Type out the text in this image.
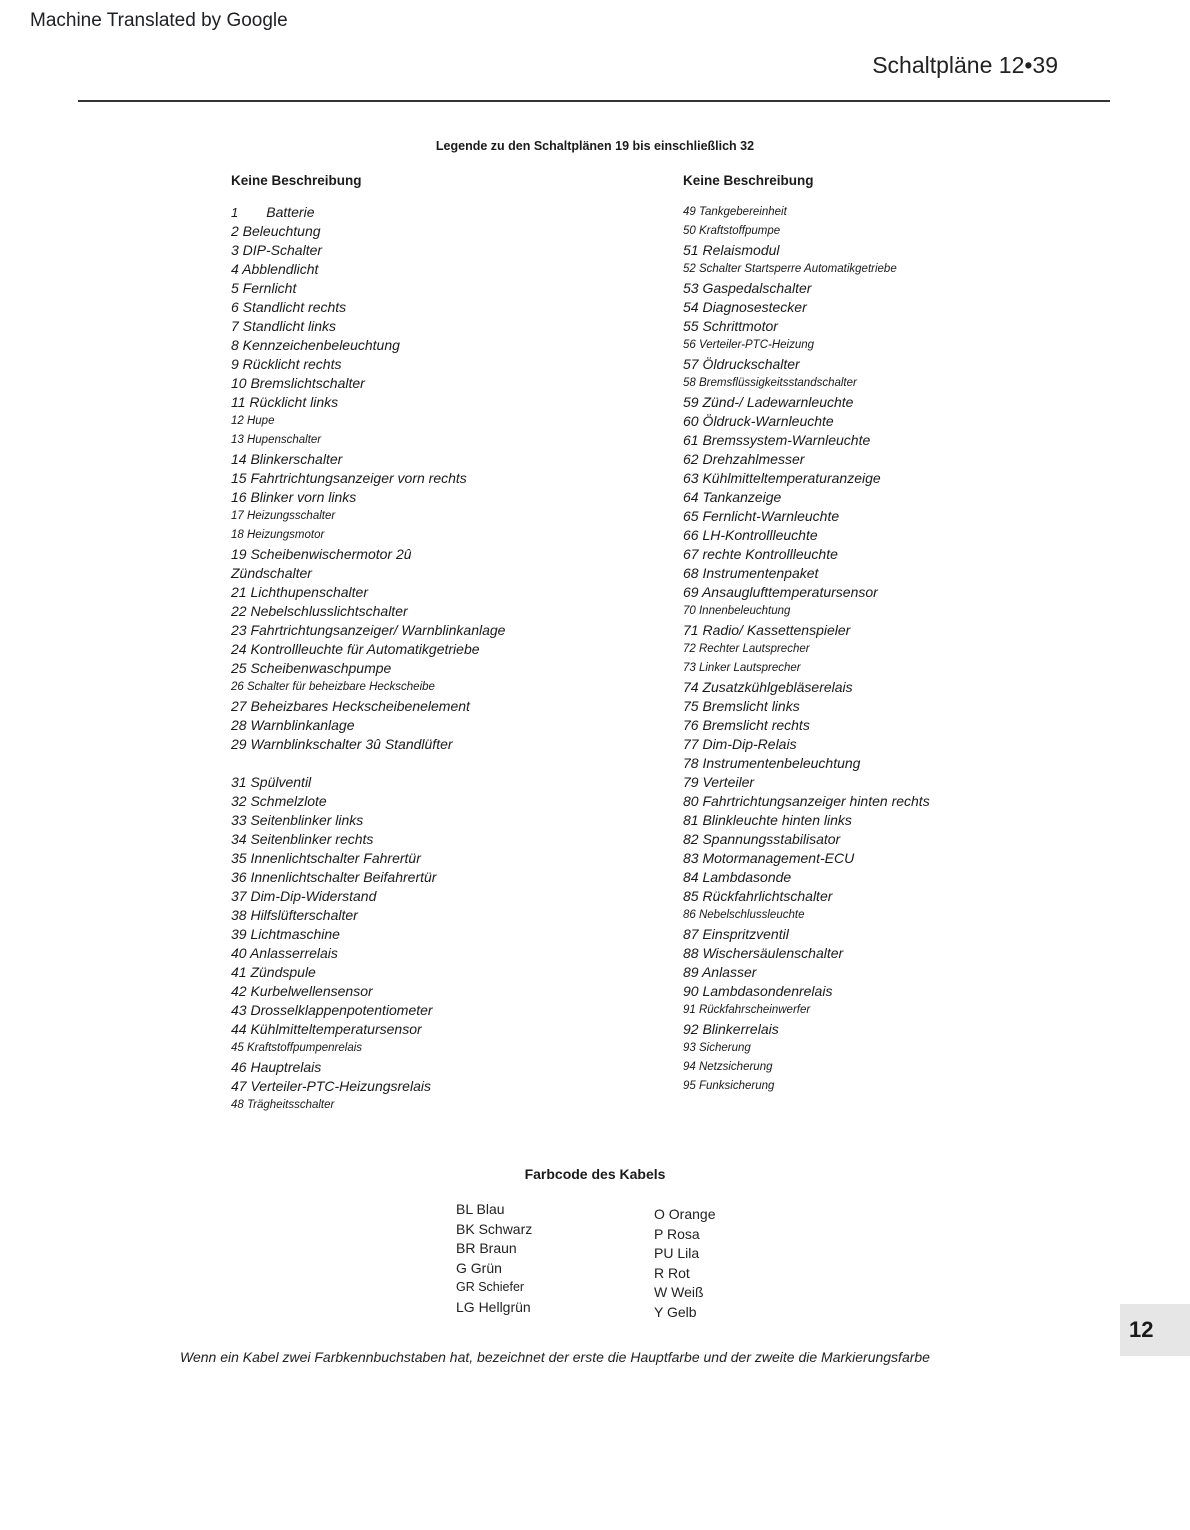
Machine Translated by Google
Schaltpläne 12•39
Legende zu den Schaltplänen 19 bis einschließlich 32
Keine Beschreibung	Keine Beschreibung
1 Batterie
2 Beleuchtung
3 DIP-Schalter
4 Abblendlicht
5 Fernlicht
6 Standlicht rechts
7 Standlicht links
8 Kennzeichenbeleuchtung
9 Rücklicht rechts
10 Bremslichtschalter
11 Rücklicht links
12 Hupe
13 Hupenschalter
14 Blinkerschalter
15 Fahrtrichtungsanzeiger vorn rechts
16 Blinker vorn links
17 Heizungsschalter
18 Heizungsmotor
19 Scheibenwischermotor 2û
Zündschalter
21 Lichthupenschalter
22 Nebelschlusslichtschalter
23 Fahrtrichtungsanzeiger/ Warnblinkanlage
24 Kontrollleuchte für Automatikgetriebe
25 Scheibenwaschpumpe
26 Schalter für beheizbare Heckscheibe
27 Beheizbares Heckscheibenelement
28 Warnblinkanlage
29 Warnblinkschalter 3û Standlüfter
31 Spülventil
32 Schmelzlote
33 Seitenblinker links
34 Seitenblinker rechts
35 Innenlichtschalter Fahrertür
36 Innenlichtschalter Beifahrertür
37 Dim-Dip-Widerstand
38 Hilfslüfterschalter
39 Lichtmaschine
40 Anlasserrelais
41 Zündspule
42 Kurbelwellensensor
43 Drosselklappenpotentiometer
44 Kühlmitteltemperatursensor
45 Kraftstoffpumpenrelais
46 Hauptrelais
47 Verteiler-PTC-Heizungsrelais
48 Trägheitsschalter
49 Tankgebereinheit
50 Kraftstoffpumpe
51 Relaismodul
52 Schalter Startsperre Automatikgetriebe
53 Gaspedalschalter
54 Diagnosestecker
55 Schrittmotor
56 Verteiler-PTC-Heizung
57 Öldruckschalter
58 Bremsflüssigkeitsstandschalter
59 Zünd-/ Ladewarnleuchte
60 Öldruck-Warnleuchte
61 Bremssystem-Warnleuchte
62 Drehzahlmesser
63 Kühlmitteltemperaturanzeige
64 Tankanzeige
65 Fernlicht-Warnleuchte
66 LH-Kontrollleuchte
67 rechte Kontrollleuchte
68 Instrumentenpaket
69 Ansauglufttemperatursensor
70 Innenbeleuchtung
71 Radio/ Kassettenspieler
72 Rechter Lautsprecher
73 Linker Lautsprecher
74 Zusatzkühlgebläserelais
75 Bremslicht links
76 Bremslicht rechts
77 Dim-Dip-Relais
78 Instrumentenbeleuchtung
79 Verteiler
80 Fahrtrichtungsanzeiger hinten rechts
81 Blinkleuchte hinten links
82 Spannungsstabilisator
83 Motormanagement-ECU
84 Lambdasonde
85 Rückfahrlichtschalter
86 Nebelschlussleuchte
87 Einspritzventil
88 Wischersäulenschalter
89 Anlasser
90 Lambdasondenrelais
91 Rückfahrscheinwerfer
92 Blinkerrelais
93 Sicherung
94 Netzsicherung
95 Funksicherung
Farbcode des Kabels
BL Blau
BK Schwarz
BR Braun
G Grün
GR Schiefer
LG Hellgrün
O Orange
P Rosa
PU Lila
R Rot
W Weiß
Y Gelb
12
Wenn ein Kabel zwei Farbkennbuchstaben hat, bezeichnet der erste die Hauptfarbe und der zweite die Markierungsfarbe
